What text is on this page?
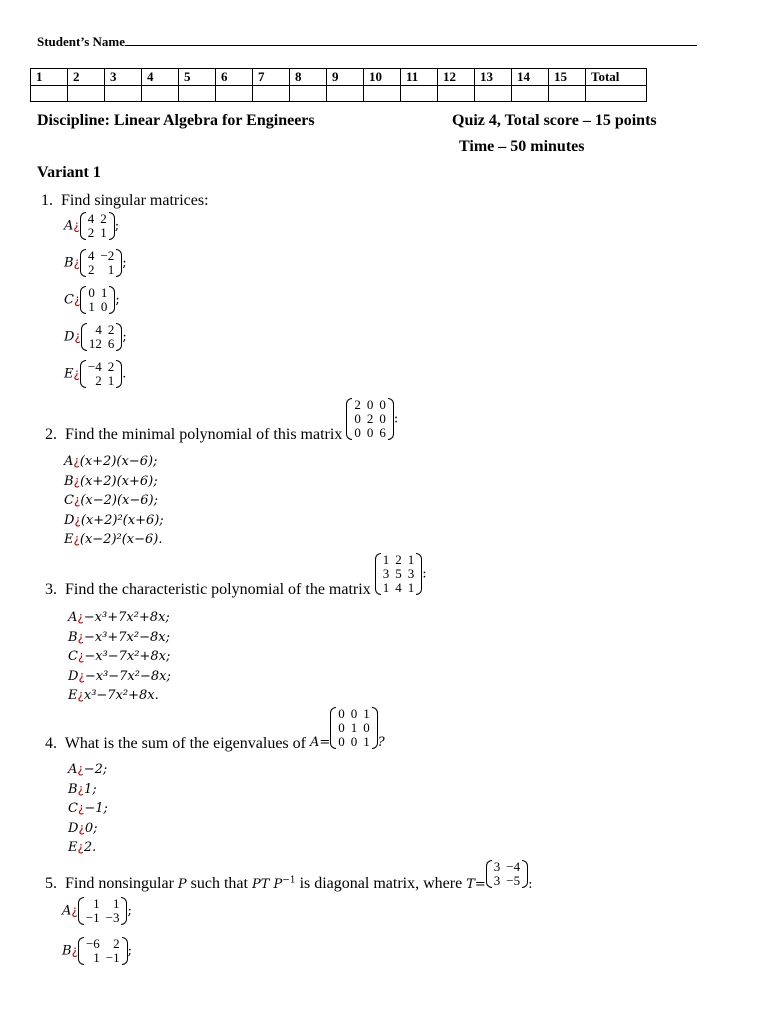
Student’s Name
1	2	3	4	5	6	7	8	9	10	11	12	13	14	15	Total

Discipline: Linear Algebra for Engineers	Quiz 4, Total score – 15 points
Time – 50 minutes
Variant 1
1. Find singular matrices:
A¿ 4	2
2	1 ;
B¿ 4	−2
2	1 ;
C¿ 0	1
1	0 ;
D¿ 4	2
12	6 ;
E¿ −4	2
2	1 .
2. Find the minimal polynomial of this matrix
2	0	0
0	2	0
0	0	6
:
A¿(x+2)(x−6);
B¿(x+2)(x+6);
C¿(x−2)(x−6);
D¿(x+2)²(x+6);
E¿(x−2)²(x−6).
3. Find the characteristic polynomial of the matrix
1	2	1
3	5	3
1	4	1
:
A¿−x³+7x²+8x;
B¿−x³+7x²−8x;
C¿−x³−7x²+8x;
D¿−x³−7x²−8x;
E¿x³−7x²+8x.
4. What is the sum of the eigenvalues of $_{A=}$
0	0	1
0	1	0
0	0	1 $_?$
A¿−2;
B¿1;
C¿−1;
D¿0;
E¿2.
5. Find nonsingular $_P$ such that $_{PT P^{-1}}$ is diagonal matrix, where $_{T=}$
3	−4
3	−5 $_:$
A¿ 1	1
−1	−3 ;
B¿ −6	2
1	−1 ;
